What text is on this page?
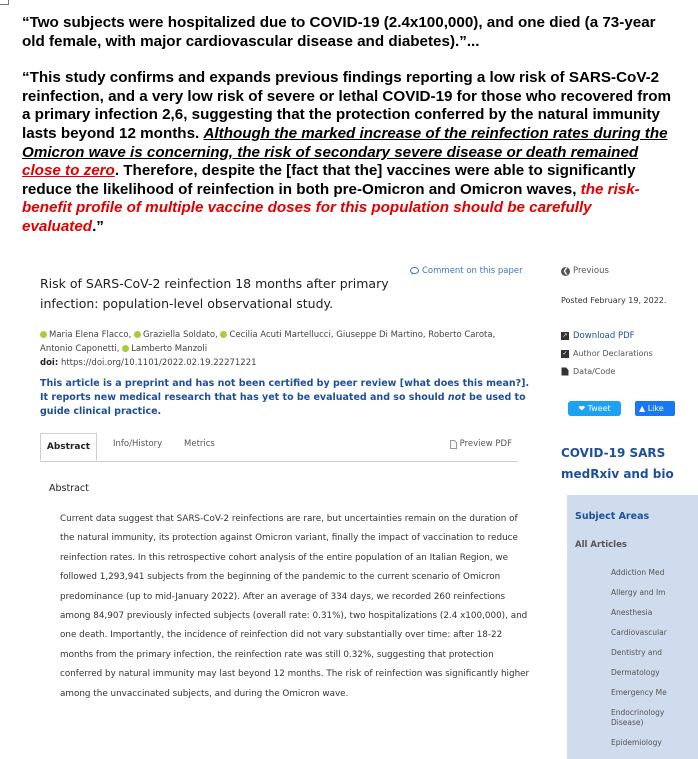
“Two subjects were hospitalized due to COVID-19 (2.4x100,000), and one died (a 73-year old female, with major cardiovascular disease and diabetes).”...

“This study confirms and expands previous findings reporting a low risk of SARS-CoV-2 reinfection, and a very low risk of severe or lethal COVID-19 for those who recovered from a primary infection 2,6, suggesting that the protection conferred by the natural immunity lasts beyond 12 months. Although the marked increase of the reinfection rates during the Omicron wave is concerning, the risk of secondary severe disease or death remained close to zero. Therefore, despite the [fact that the] vaccines were able to significantly reduce the likelihood of reinfection in both pre-Omicron and Omicron waves, the risk-benefit profile of multiple vaccine doses for this population should be carefully evaluated.”

Risk of SARS-CoV-2 reinfection 18 months after primary infection: population-level observational study.
Comment on this paper
Maria Elena Flacco, Graziella Soldato, Cecilia Acuti Martellucci, Giuseppe Di Martino, Roberto Carota,
Antonio Caponetti, Lamberto Manzoli
doi: https://doi.org/10.1101/2022.02.19.22271221
This article is a preprint and has not been certified by peer review [what does this mean?]. It reports new medical research that has yet to be evaluated and so should not be used to guide clinical practice.
Abstract	Info/History	Metrics	Preview PDF
Abstract
Current data suggest that SARS-CoV-2 reinfections are rare, but uncertainties remain on the duration of the natural immunity, its protection against Omicron variant, finally the impact of vaccination to reduce reinfection rates. In this retrospective cohort analysis of the entire population of an Italian Region, we followed 1,293,941 subjects from the beginning of the pandemic to the current scenario of Omicron predominance (up to mid-January 2022). After an average of 334 days, we recorded 260 reinfections among 84,907 previously infected subjects (overall rate: 0.31%), two hospitalizations (2.4 x100,000), and one death. Importantly, the incidence of reinfection did not vary substantially over time: after 18-22 months from the primary infection, the reinfection rate was still 0.32%, suggesting that protection conferred by natural immunity may last beyond 12 months. The risk of reinfection was significantly higher among the unvaccinated subjects, and during the Omicron wave.
❮ Previous
Posted February 19, 2022.
↗ Download PDF
✓ Author Declarations
Data/Code
❤ Tweet	▲ Like
COVID-19 SARS
medRxiv and bio
Subject Areas
All Articles
Addiction Med
Allergy and Im
Anesthesia
Cardiovascular
Dentistry and
Dermatology
Emergency Me
Endocrinology Disease)
Epidemiology
